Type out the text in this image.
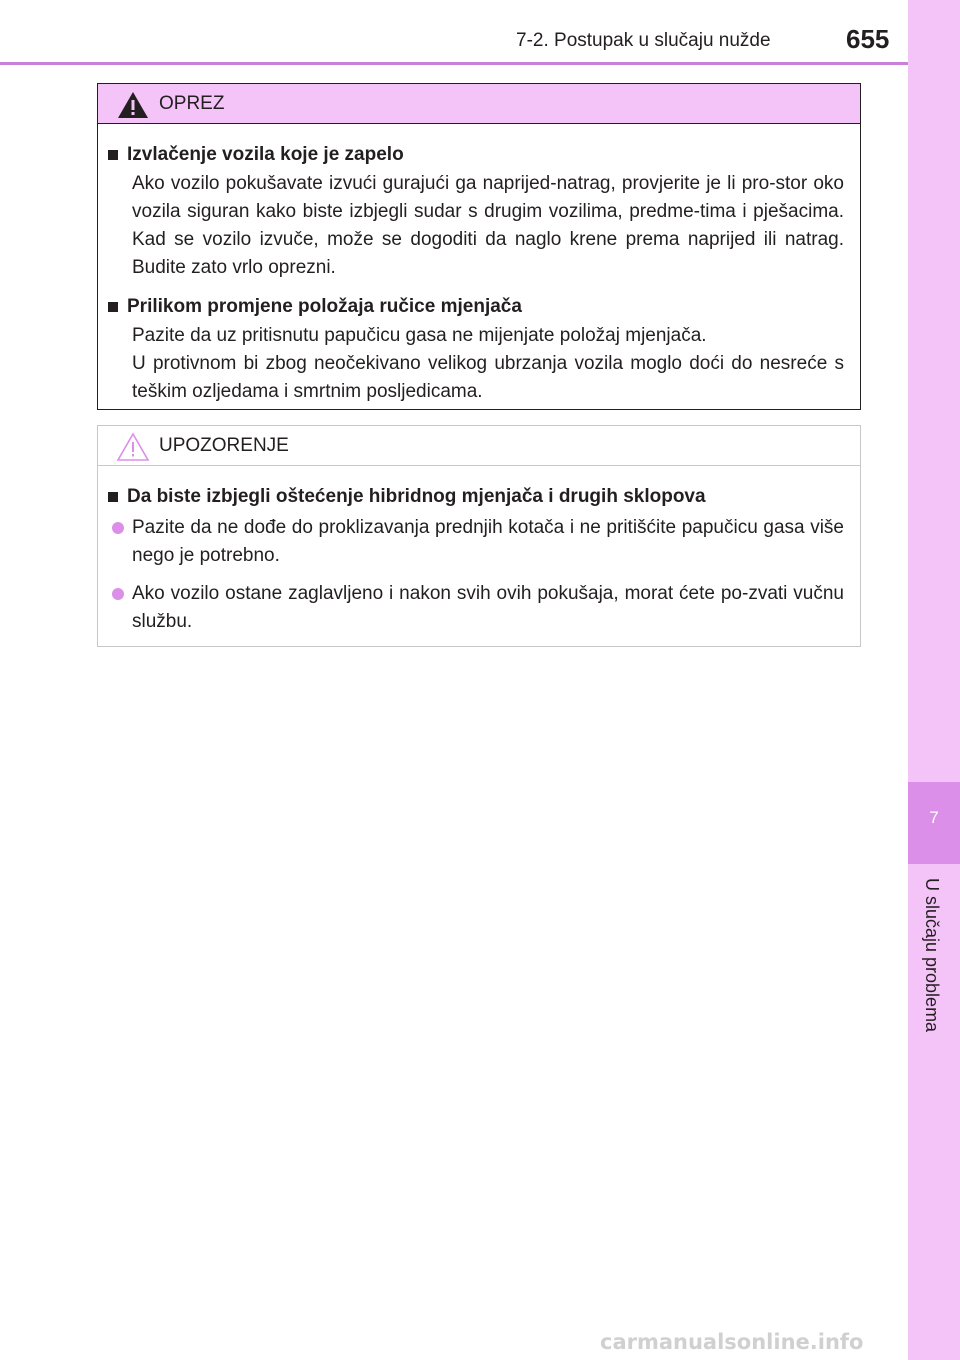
7-2. Postupak u slučaju nužde	655
7
U slučaju problema
OPREZ
Izvlačenje vozila koje je zapelo

Ako vozilo pokušavate izvući gurajući ga naprijed-natrag, provjerite je li pro-stor oko vozila siguran kako biste izbjegli sudar s drugim vozilima, predme-tima i pješacima. Kad se vozilo izvuče, može se dogoditi da naglo krene prema naprijed ili natrag. Budite zato vrlo oprezni.

Prilikom promjene položaja ručice mjenjača

Pazite da uz pritisnutu papučicu gasa ne mijenjate položaj mjenjača.

U protivnom bi zbog neočekivano velikog ubrzanja vozila moglo doći do nesreće s teškim ozljedama i smrtnim posljedicama.

UPOZORENJE
Da biste izbjegli oštećenje hibridnog mjenjača i drugih sklopova
Pazite da ne dođe do proklizavanja prednjih kotača i ne pritišćite papučicu gasa više nego je potrebno.
Ako vozilo ostane zaglavljeno i nakon svih ovih pokušaja, morat ćete po-zvati vučnu službu.
carmanualsonline.info
